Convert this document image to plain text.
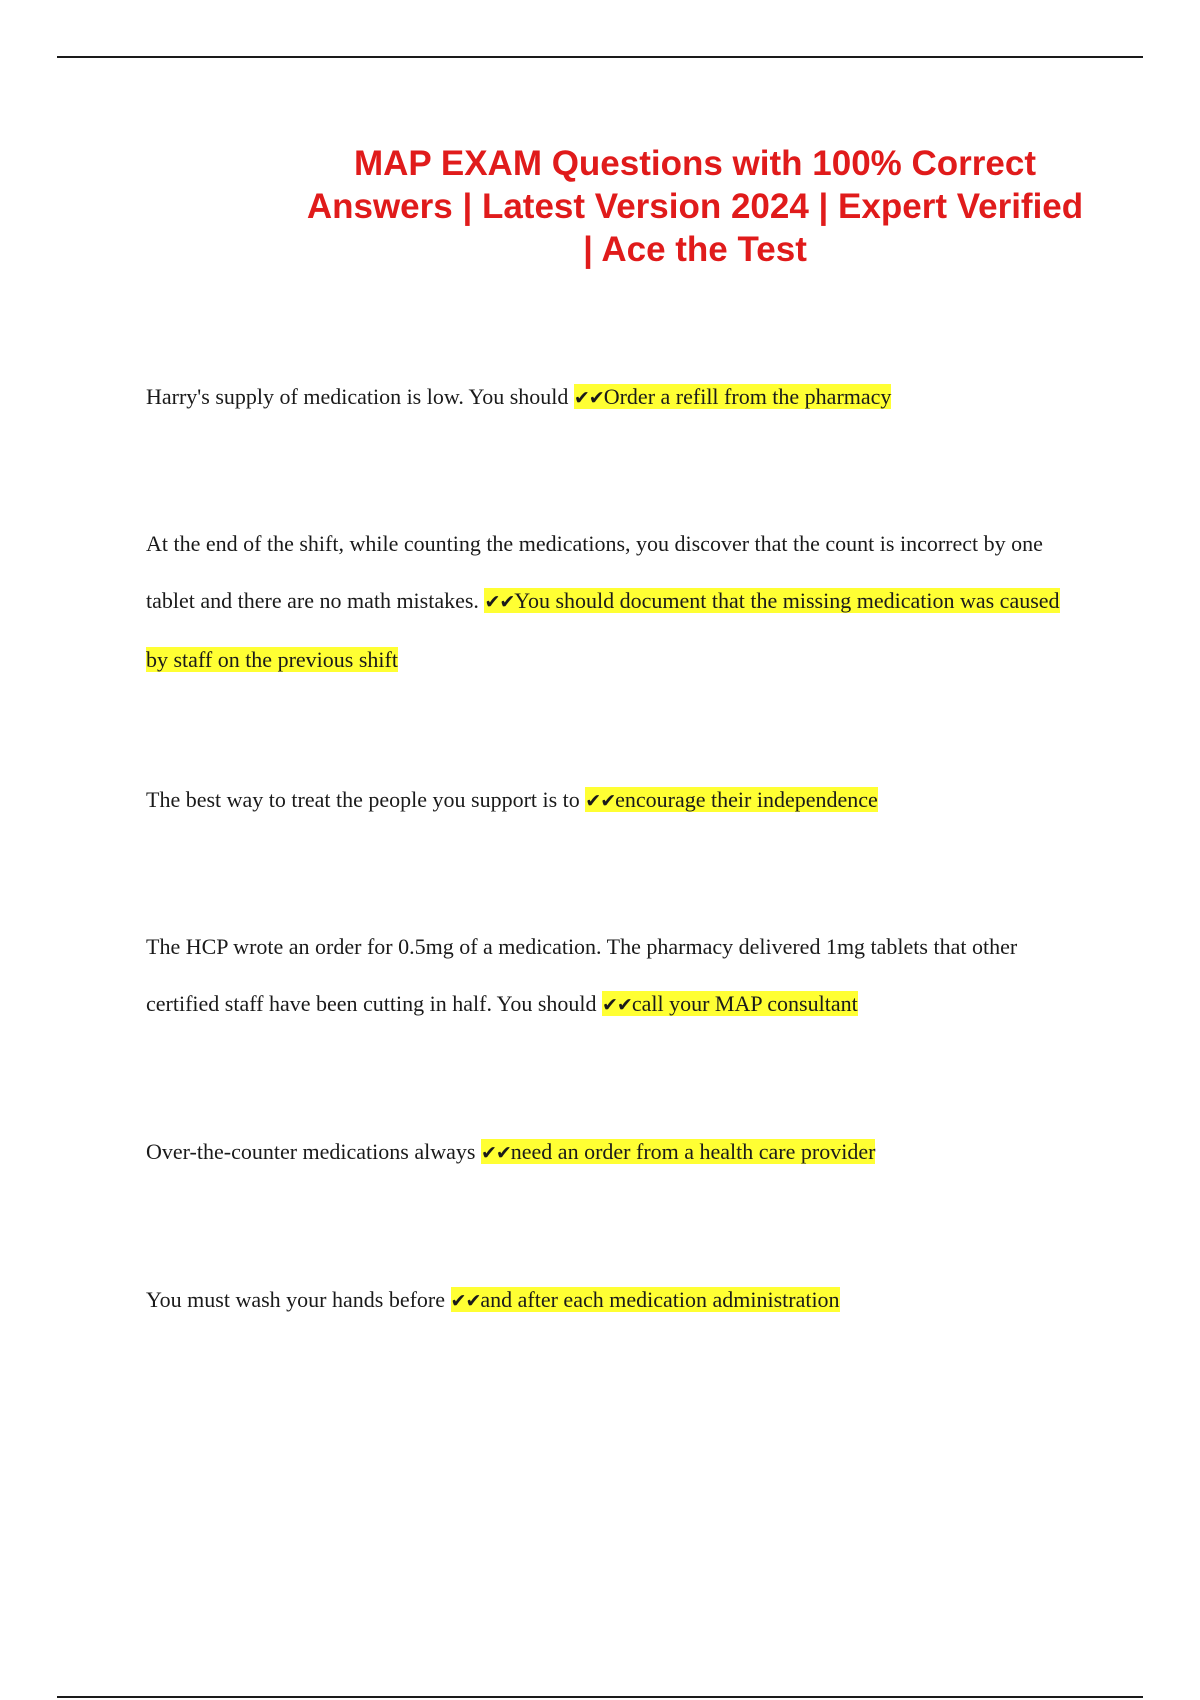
MAP EXAM Questions with 100% Correct Answers | Latest Version 2024 | Expert Verified | Ace the Test

Harry's supply of medication is low. You should ✔✔Order a refill from the pharmacy

At the end of the shift, while counting the medications, you discover that the count is incorrect by one tablet and there are no math mistakes. ✔✔You should document that the missing medication was caused by staff on the previous shift

The best way to treat the people you support is to ✔✔encourage their independence

The HCP wrote an order for 0.5mg of a medication. The pharmacy delivered 1mg tablets that other certified staff have been cutting in half. You should ✔✔call your MAP consultant

Over-the-counter medications always ✔✔need an order from a health care provider

You must wash your hands before ✔✔and after each medication administration
